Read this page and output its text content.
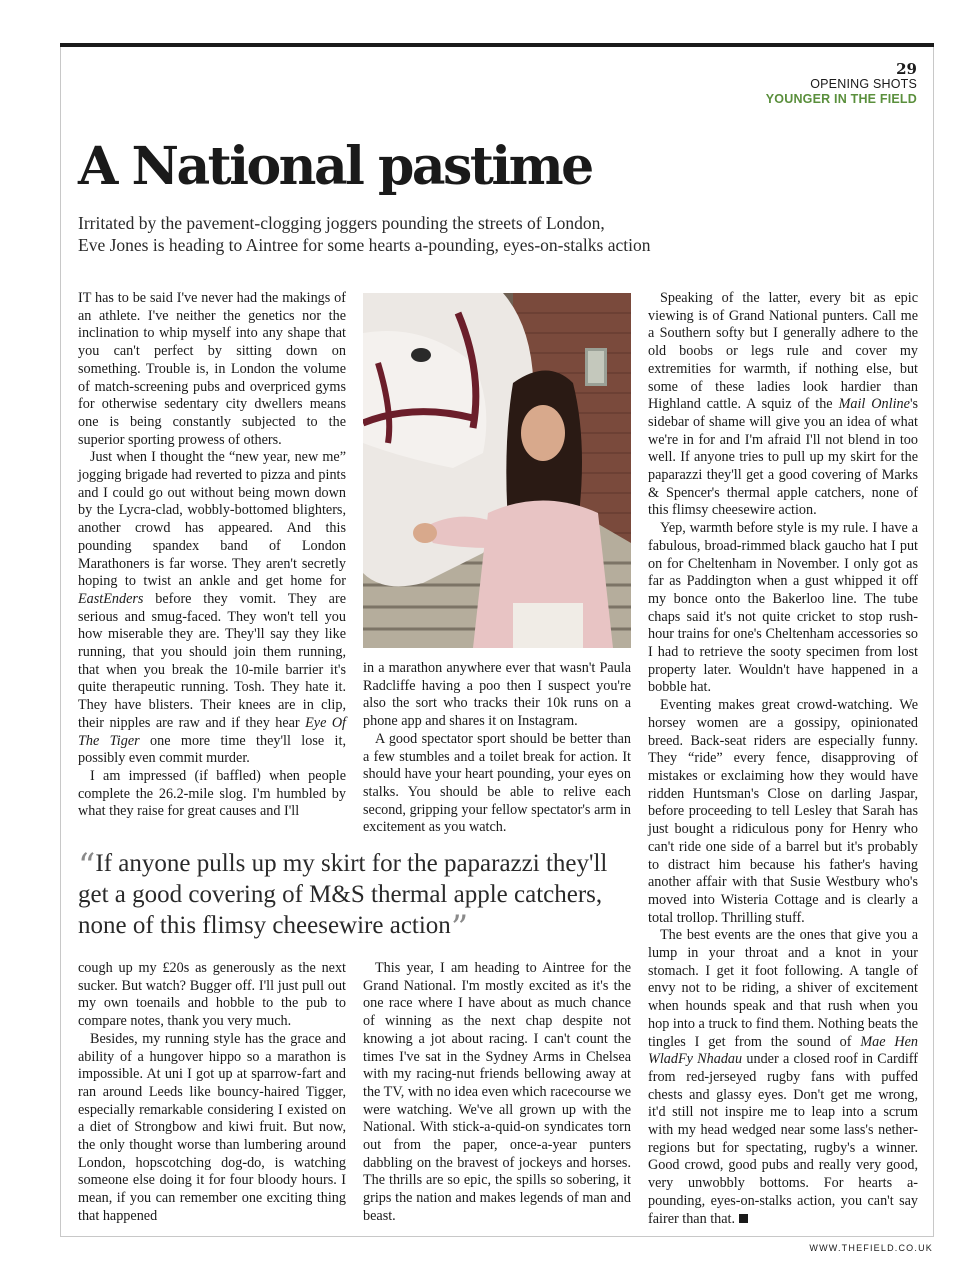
29
OPENING SHOTS
YOUNGER IN THE FIELD
A National pastime
Irritated by the pavement-clogging joggers pounding the streets of London,
Eve Jones is heading to Aintree for some hearts a-pounding, eyes-on-stalks action

IT has to be said I've never had the makings of an athlete. I've neither the genetics nor the inclination to whip myself into any shape that you can't perfect by sitting down on something. Trouble is, in London the volume of match-screening pubs and overpriced gyms for otherwise sedentary city dwellers means one is being constantly subjected to the superior sporting prowess of others.

Just when I thought the “new year, new me” jogging brigade had reverted to pizza and pints and I could go out without being mown down by the Lycra-clad, wobbly-bottomed blighters, another crowd has appeared. And this pounding spandex band of London Marathoners is far worse. They aren't secretly hoping to twist an ankle and get home for EastEnders before they vomit. They are serious and smug-faced. They won't tell you how miserable they are. They'll say they like running, that you should join them running, that when you break the 10-mile barrier it's quite therapeutic running. Tosh. They hate it. They have blisters. Their knees are in clip, their nipples are raw and if they hear Eye Of The Tiger one more time they'll lose it, possibly even commit murder.

I am impressed (if baffled) when people complete the 26.2-mile slog. I'm humbled by what they raise for great causes and I'll

in a marathon anywhere ever that wasn't Paula Radcliffe having a poo then I suspect you're also the sort who tracks their 10k runs on a phone app and shares it on Instagram.

A good spectator sport should be better than a few stumbles and a toilet break for action. It should have your heart pounding, your eyes on stalks. You should be able to relive each second, gripping your fellow spectator's arm in excitement as you watch.

“If anyone pulls up my skirt for the paparazzi they'll get a good covering of M&S thermal apple catchers, none of this flimsy cheesewire action”

cough up my £20s as generously as the next sucker. But watch? Bugger off. I'll just pull out my own toenails and hobble to the pub to compare notes, thank you very much.

Besides, my running style has the grace and ability of a hungover hippo so a marathon is impossible. At uni I got up at sparrow-fart and ran around Leeds like bouncy-haired Tigger, especially remarkable considering I existed on a diet of Strongbow and kiwi fruit. But now, the only thought worse than lumbering around London, hopscotching dog-do, is watching someone else doing it for four bloody hours. I mean, if you can remember one exciting thing that happened

This year, I am heading to Aintree for the Grand National. I'm mostly excited as it's the one race where I have about as much chance of winning as the next chap despite not knowing a jot about racing. I can't count the times I've sat in the Sydney Arms in Chelsea with my racing-nut friends bellowing away at the TV, with no idea even which racecourse we were watching. We've all grown up with the National. With stick-a-quid-on syndicates torn out from the paper, once-a-year punters dabbling on the bravest of jockeys and horses. The thrills are so epic, the spills so sobering, it grips the nation and makes legends of man and beast.

Speaking of the latter, every bit as epic viewing is of Grand National punters. Call me a Southern softy but I generally adhere to the old boobs or legs rule and cover my extremities for warmth, if nothing else, but some of these ladies look hardier than Highland cattle. A squiz of the Mail Online's sidebar of shame will give you an idea of what we're in for and I'm afraid I'll not blend in too well. If anyone tries to pull up my skirt for the paparazzi they'll get a good covering of Marks & Spencer's thermal apple catchers, none of this flimsy cheesewire action.

Yep, warmth before style is my rule. I have a fabulous, broad-rimmed black gaucho hat I put on for Cheltenham in November. I only got as far as Paddington when a gust whipped it off my bonce onto the Bakerloo line. The tube chaps said it's not quite cricket to stop rush-hour trains for one's Cheltenham accessories so I had to retrieve the sooty specimen from lost property later. Wouldn't have happened in a bobble hat.

Eventing makes great crowd-watching. We horsey women are a gossipy, opinionated breed. Back-seat riders are especially funny. They “ride” every fence, disapproving of mistakes or exclaiming how they would have ridden Huntsman's Close on darling Jaspar, before proceeding to tell Lesley that Sarah has just bought a ridiculous pony for Henry who can't ride one side of a barrel but it's probably to distract him because his father's having another affair with that Susie Westbury who's moved into Wisteria Cottage and is clearly a total trollop. Thrilling stuff.

The best events are the ones that give you a lump in your throat and a knot in your stomach. I get it foot following. A tangle of envy not to be riding, a shiver of excitement when hounds speak and that rush when you hop into a truck to find them. Nothing beats the tingles I get from the sound of Mae Hen WladFy Nhadau under a closed roof in Cardiff from red-jerseyed rugby fans with puffed chests and glassy eyes. Don't get me wrong, it'd still not inspire me to leap into a scrum with my head wedged near some lass's nether-regions but for spectating, rugby's a winner. Good crowd, good pubs and really very good, very unwobbly bottoms. For hearts a-pounding, eyes-on-stalks action, you can't say fairer than that.

WWW.THEFIELD.CO.UK
